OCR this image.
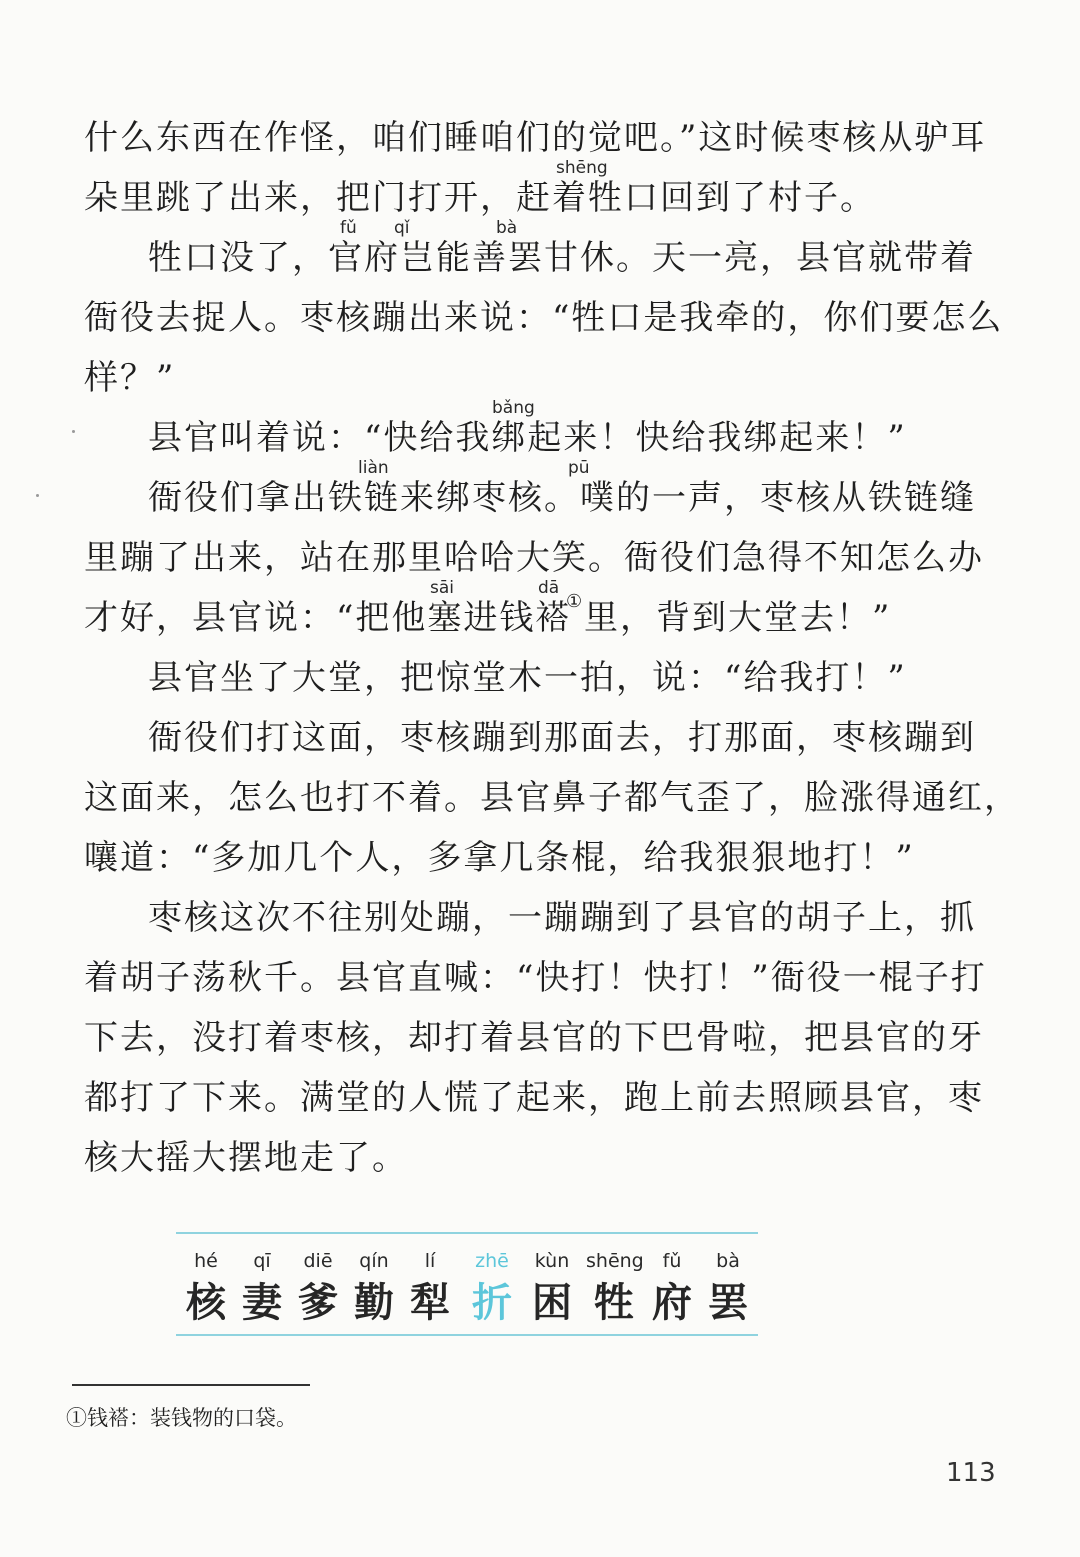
什么东西在作怪，咱们睡咱们的觉吧。”这时候枣核从驴耳
shēng
朵里跳了出来，把门打开，赶着牲口回到了村子。
fǔ qǐ	bà
牲口没了，官府岂能善罢甘休。天一亮，县官就带着
衙役去捉人。枣核蹦出来说：“牲口是我牵的，你们要怎么
样？”
bǎng
县官叫着说：“快给我绑起来！快给我绑起来！”
liàn	pū
衙役们拿出铁链来绑枣核。噗的一声，枣核从铁链缝
里蹦了出来，站在那里哈哈大笑。衙役们急得不知怎么办
sāi	dā
才好，县官说：“把他塞进钱褡
① 里，背到大堂去！”
县官坐了大堂，把惊堂木一拍，说：“给我打！”
衙役们打这面，枣核蹦到那面去，打那面，枣核蹦到
这面来，怎么也打不着。县官鼻子都气歪了，脸涨得通红，
嚷道：“多加几个人，多拿几条棍，给我狠狠地打！”
枣核这次不往别处蹦，一蹦蹦到了县官的胡子上，抓
着胡子荡秋千。县官直喊：“快打！快打！”衙役一棍子打
下去，没打着枣核，却打着县官的下巴骨啦，把县官的牙
都打了下来。满堂的人慌了起来，跑上前去照顾县官，枣
核大摇大摆地走了。
hé
核
qī
妻
diē
爹
qín
勤
lí
犁
zhē
折
kùn
困
shēng
牲
fǔ
府
bà
罢
①钱褡：装钱物的口袋。
113
